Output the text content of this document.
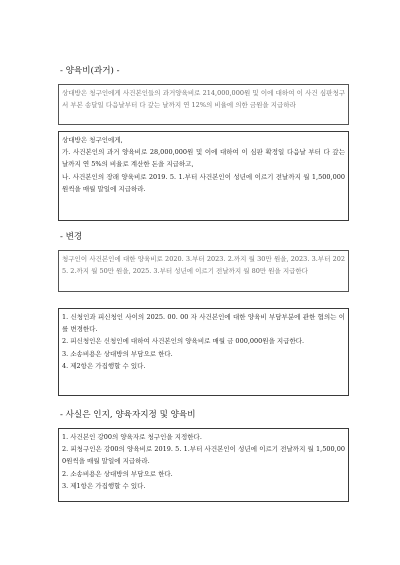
- 양육비(과거) -

상대방은 청구인에게 사건본인들의 과거양육비로 214,000,000원 및 이에 대하여 이 사건 심판청구서 부본 송달일 다음날부터 다 갚는 날까지 연 12%의 비율에 의한 금원을 지급하라

상대방은 청구인에게,

가. 사건본인의 과거 양육비로 28,000,000원 및 이에 대하여 이 심판 확정일 다음날 부터 다 갚는 날까지 연 5%의 비율로 계산한 돈을 지급하고,

나. 사건본인의 장래 양육비로 2019. 5. 1.부터 사건본인이 성년에 이르기 전날까지 월 1,500,000원씩을 매월 말일에 지급하라.

- 변경

청구인이 사건본인에 대한 양육비로 2020. 3.부터 2023. 2.까지 월 30만 원을, 2023. 3.부터 2025. 2.까지 월 50만 원을, 2025. 3.부터 성년에 이르기 전날까지 월 80만 원을 지급한다

1. 신청인과 피신청인 사이의 2025. 00. 00 자 사건본인에 대한 양육비 부담부분에 관한 협의는 이를 변경한다.

2. 피신청인은 신청인에 대하여 사건본인의 양육비로 매월 금 000,000원을 지급한다.

3. 소송비용은 상대방의 부담으로 한다.

4. 제2항은 가집행할 수 있다.

- 사실은 인지, 양육자지정 및 양육비

1. 사건본인 강00의 양육자로 청구인을 지정한다.

2. 피청구인은 강00의 양육비로 2019. 5. 1.부터 사건본인이 성년에 이르기 전날까지 월 1,500,000원씩을 매월 말일에 지급하라.

2. 소송비용은 상대방의 부담으로 한다.

3. 제1항은 가집행할 수 있다.
